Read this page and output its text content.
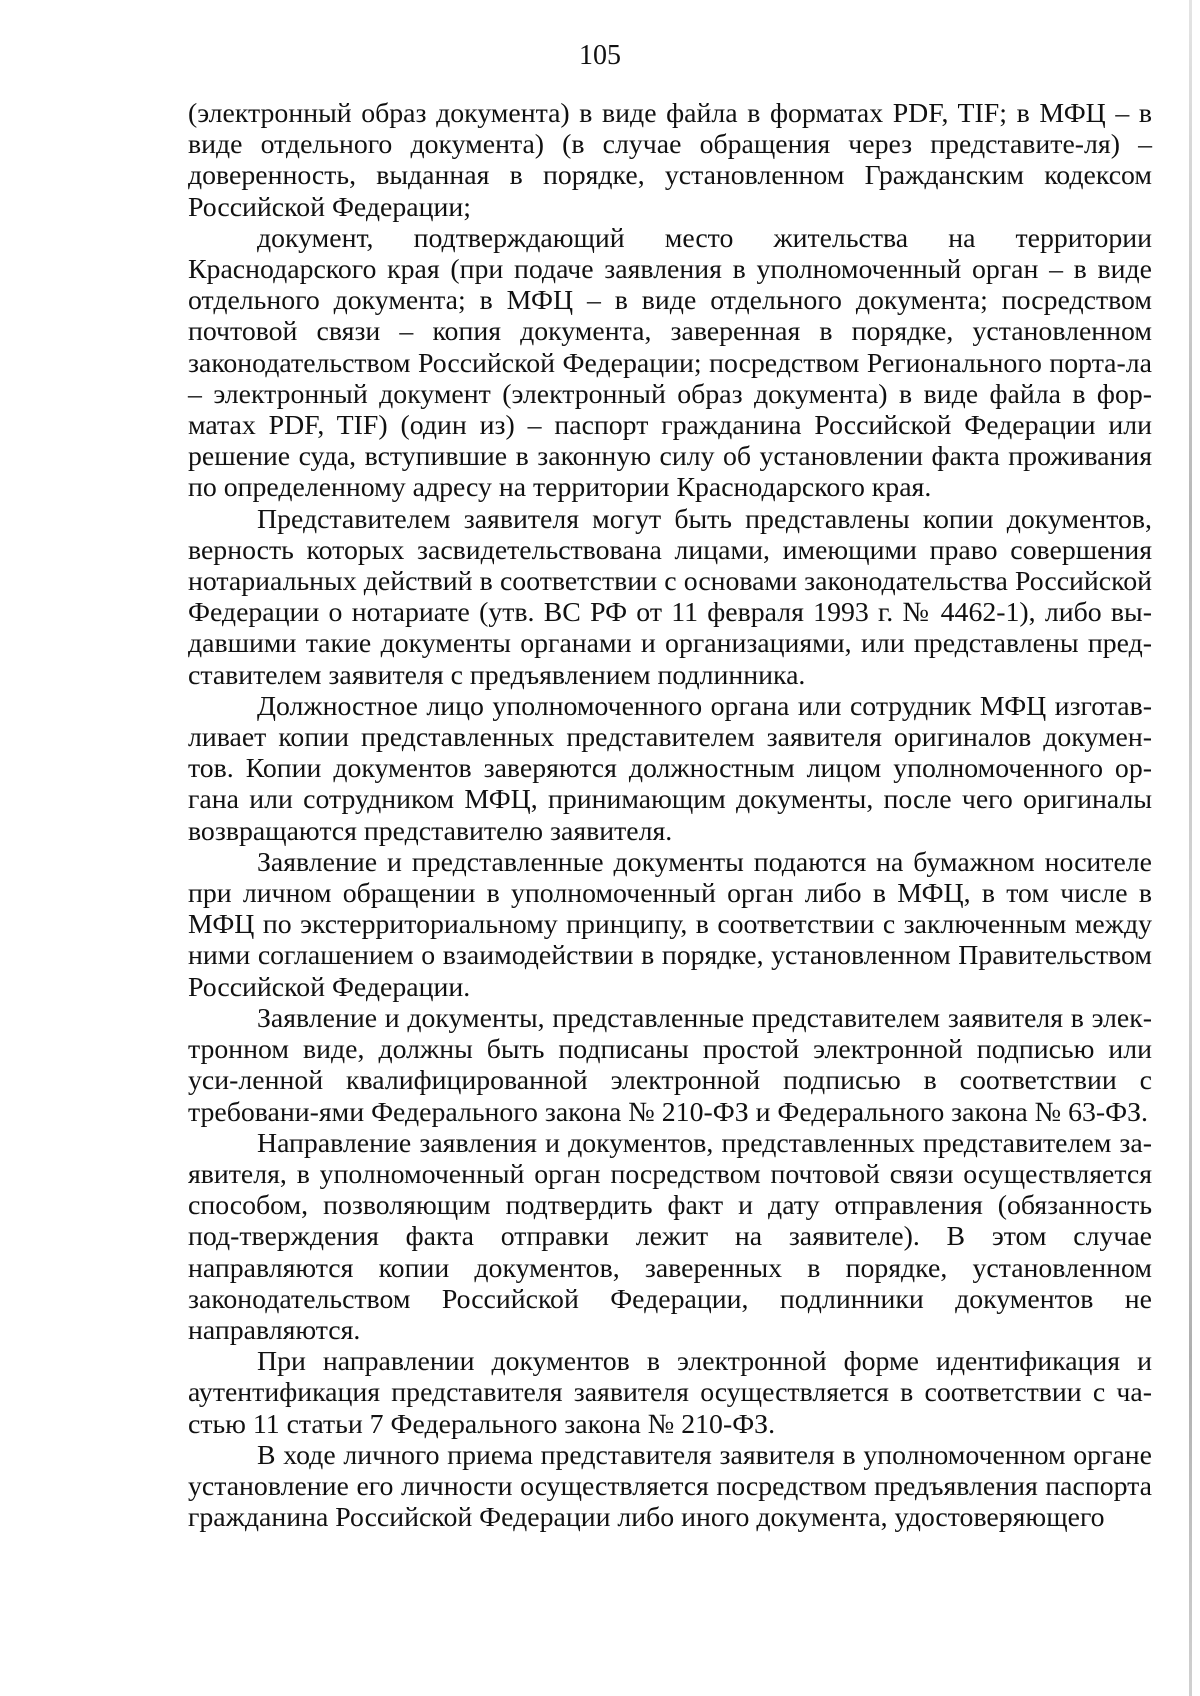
105

(электронный образ документа) в виде файла в форматах PDF, TIF; в МФЦ – в виде отдельного документа) (в случае обращения через представите-ля) – доверенность, выданная в порядке, установленном Гражданским кодексом Российской Федерации;

документ, подтверждающий место жительства на территории Краснодарского края (при подаче заявления в уполномоченный орган – в виде отдельного документа; в МФЦ – в виде отдельного документа; посредством почтовой связи – копия документа, заверенная в порядке, установленном законодательством Российской Федерации; посредством Регионального порта-ла – электронный документ (электронный образ документа) в виде файла в фор-матах PDF, TIF) (один из) – паспорт гражданина Российской Федерации или решение суда, вступившие в законную силу об установлении факта проживания по определенному адресу на территории Краснодарского края.

Представителем заявителя могут быть представлены копии документов, верность которых засвидетельствована лицами, имеющими право совершения нотариальных действий в соответствии с основами законодательства Российской Федерации о нотариате (утв. ВС РФ от 11 февраля 1993 г. № 4462-1), либо вы-давшими такие документы органами и организациями, или представлены пред-ставителем заявителя с предъявлением подлинника.

Должностное лицо уполномоченного органа или сотрудник МФЦ изготав-ливает копии представленных представителем заявителя оригиналов докумен-тов. Копии документов заверяются должностным лицом уполномоченного ор-гана или сотрудником МФЦ, принимающим документы, после чего оригиналы возвращаются представителю заявителя.

Заявление и представленные документы подаются на бумажном носителе при личном обращении в уполномоченный орган либо в МФЦ, в том числе в МФЦ по экстерриториальному принципу, в соответствии с заключенным между ними соглашением о взаимодействии в порядке, установленном Правительством Российской Федерации.

Заявление и документы, представленные представителем заявителя в элек-тронном виде, должны быть подписаны простой электронной подписью или уси-ленной квалифицированной электронной подписью в соответствии с требовани-ями Федерального закона № 210-ФЗ и Федерального закона № 63-ФЗ.

Направление заявления и документов, представленных представителем за-явителя, в уполномоченный орган посредством почтовой связи осуществляется способом, позволяющим подтвердить факт и дату отправления (обязанность под-тверждения факта отправки лежит на заявителе). В этом случае направляются копии документов, заверенных в порядке, установленном законодательством Российской Федерации, подлинники документов не направляются.

При направлении документов в электронной форме идентификация и аутентификация представителя заявителя осуществляется в соответствии с ча-стью 11 статьи 7 Федерального закона № 210-ФЗ.

В ходе личного приема представителя заявителя в уполномоченном органе установление его личности осуществляется посредством предъявления паспорта гражданина Российской Федерации либо иного документа, удостоверяющего
